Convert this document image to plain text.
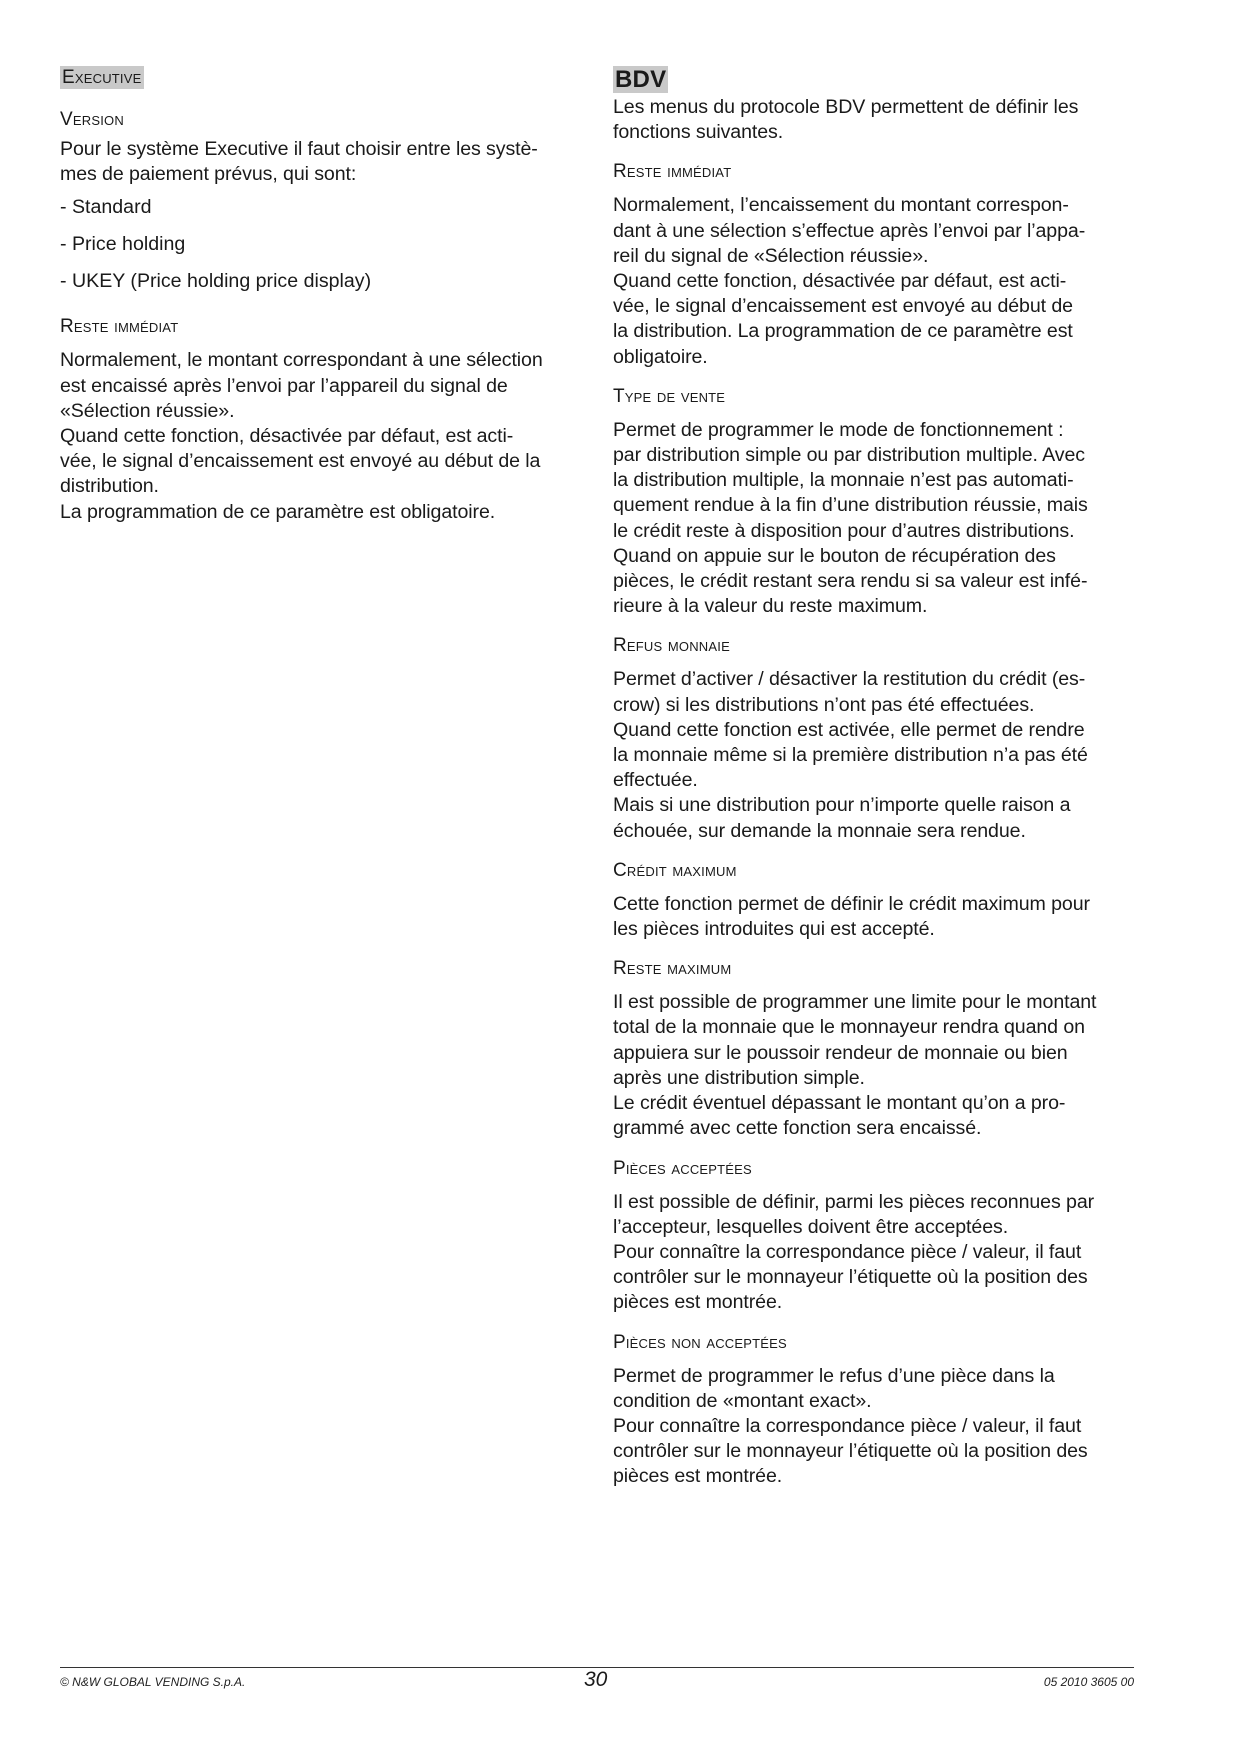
Executive
Version

Pour le système Executive il faut choisir entre les systè-
mes de paiement prévus, qui sont:

- Standard

- Price holding

- UKEY (Price holding price display)

Reste immédiat

Normalement, le montant correspondant à une sélection
est encaissé après l’envoi par l’appareil du signal de
«Sélection réussie».
Quand cette fonction, désactivée par défaut, est acti-
vée, le signal d’encaissement est envoyé au début de la
distribution.
La programmation de ce paramètre est obligatoire.

BDV

Les menus du protocole BDV permettent de définir les
fonctions suivantes.

Reste immédiat

Normalement, l’encaissement du montant correspon-
dant à une sélection s’effectue après l’envoi par l’appa-
reil du signal de «Sélection réussie».
Quand cette fonction, désactivée par défaut, est acti-
vée, le signal d’encaissement est envoyé au début de
la distribution. La programmation de ce paramètre est
obligatoire.

Type de vente

Permet de programmer le mode de fonctionnement :
par distribution simple ou par distribution multiple. Avec
la distribution multiple, la monnaie n’est pas automati-
quement rendue à la fin d’une distribution réussie, mais
le crédit reste à disposition pour d’autres distributions.
Quand on appuie sur le bouton de récupération des
pièces, le crédit restant sera rendu si sa valeur est infé-
rieure à la valeur du reste maximum.

Refus monnaie

Permet d’activer / désactiver la restitution du crédit (es-
crow) si les distributions n’ont pas été effectuées.
Quand cette fonction est activée, elle permet de rendre
la monnaie même si la première distribution n’a pas été
effectuée.
Mais si une distribution pour n’importe quelle raison a
échouée, sur demande la monnaie sera rendue.

Crédit maximum

Cette fonction permet de définir le crédit maximum pour
les pièces introduites qui est accepté.

Reste maximum

Il est possible de programmer une limite pour le montant
total de la monnaie que le monnayeur rendra quand on
appuiera sur le poussoir rendeur de monnaie ou bien
après une distribution simple.
Le crédit éventuel dépassant le montant qu’on a pro-
grammé avec cette fonction sera encaissé.

Pièces acceptées

Il est possible de définir, parmi les pièces reconnues par
l’accepteur, lesquelles doivent être acceptées.
Pour connaître la correspondance pièce / valeur, il faut
contrôler sur le monnayeur l’étiquette où la position des
pièces est montrée.

Pièces non acceptées

Permet de programmer le refus d’une pièce dans la
condition de «montant exact».
Pour connaître la correspondance pièce / valeur, il faut
contrôler sur le monnayeur l’étiquette où la position des
pièces est montrée.

© N&W GLOBAL VENDING S.p.A.	30	05 2010 3605 00
